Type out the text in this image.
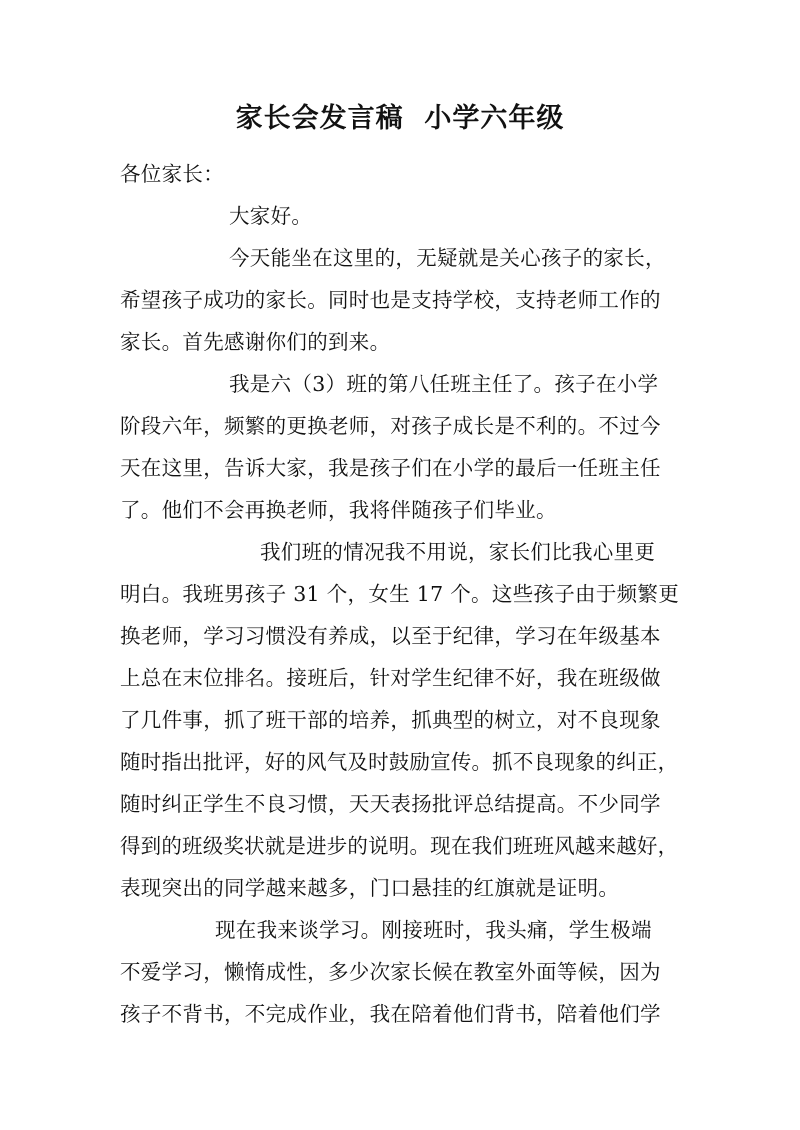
家长会发言稿  小学六年级
各位家长：
大家好。
今天能坐在这里的，无疑就是关心孩子的家长，
希望孩子成功的家长。同时也是支持学校，支持老师工作的
家长。首先感谢你们的到来。
我是六（3）班的第八任班主任了。孩子在小学
阶段六年，频繁的更换老师，对孩子成长是不利的。不过今
天在这里，告诉大家，我是孩子们在小学的最后一任班主任
了。他们不会再换老师，我将伴随孩子们毕业。
我们班的情况我不用说，家长们比我心里更
明白。我班男孩子 31 个，女生 17 个。这些孩子由于频繁更
换老师，学习习惯没有养成，以至于纪律，学习在年级基本
上总在末位排名。接班后，针对学生纪律不好，我在班级做
了几件事，抓了班干部的培养，抓典型的树立，对不良现象
随时指出批评，好的风气及时鼓励宣传。抓不良现象的纠正，
随时纠正学生不良习惯，天天表扬批评总结提高。不少同学
得到的班级奖状就是进步的说明。现在我们班班风越来越好，
表现突出的同学越来越多，门口悬挂的红旗就是证明。
现在我来谈学习。刚接班时，我头痛，学生极端
不爱学习，懒惰成性，多少次家长候在教室外面等候，因为
孩子不背书，不完成作业，我在陪着他们背书，陪着他们学
